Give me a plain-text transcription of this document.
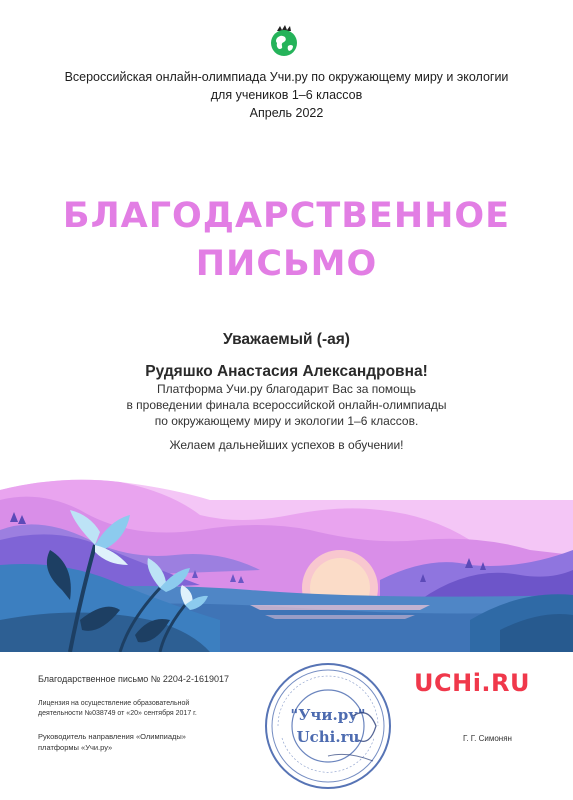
Всероссийская онлайн-олимпиада Учи.ру по окружающему миру и экологии
для учеников 1–6 классов
Апрель 2022
БЛАГОДАРСТВЕННОЕ
ПИСЬМО
Уважаемый (-ая)
Рудяшко Анастасия Александровна!
Платформа Учи.ру благодарит Вас за помощь
в проведении финала всероссийской онлайн-олимпиады
по окружающему миру и экологии 1–6 классов.
Желаем дальнейших успехов в обучении!
Благодарственное письмо № 2204-2-1619017
Лицензия на осуществление образовательной
деятельности №038749 от «20» сентября 2017 г.
Руководитель направления «Олимпиады»
платформы «Учи.ру»
"Учи.ру"
Uchi.ru
UCHi.RU
Г. Г. Симонян
